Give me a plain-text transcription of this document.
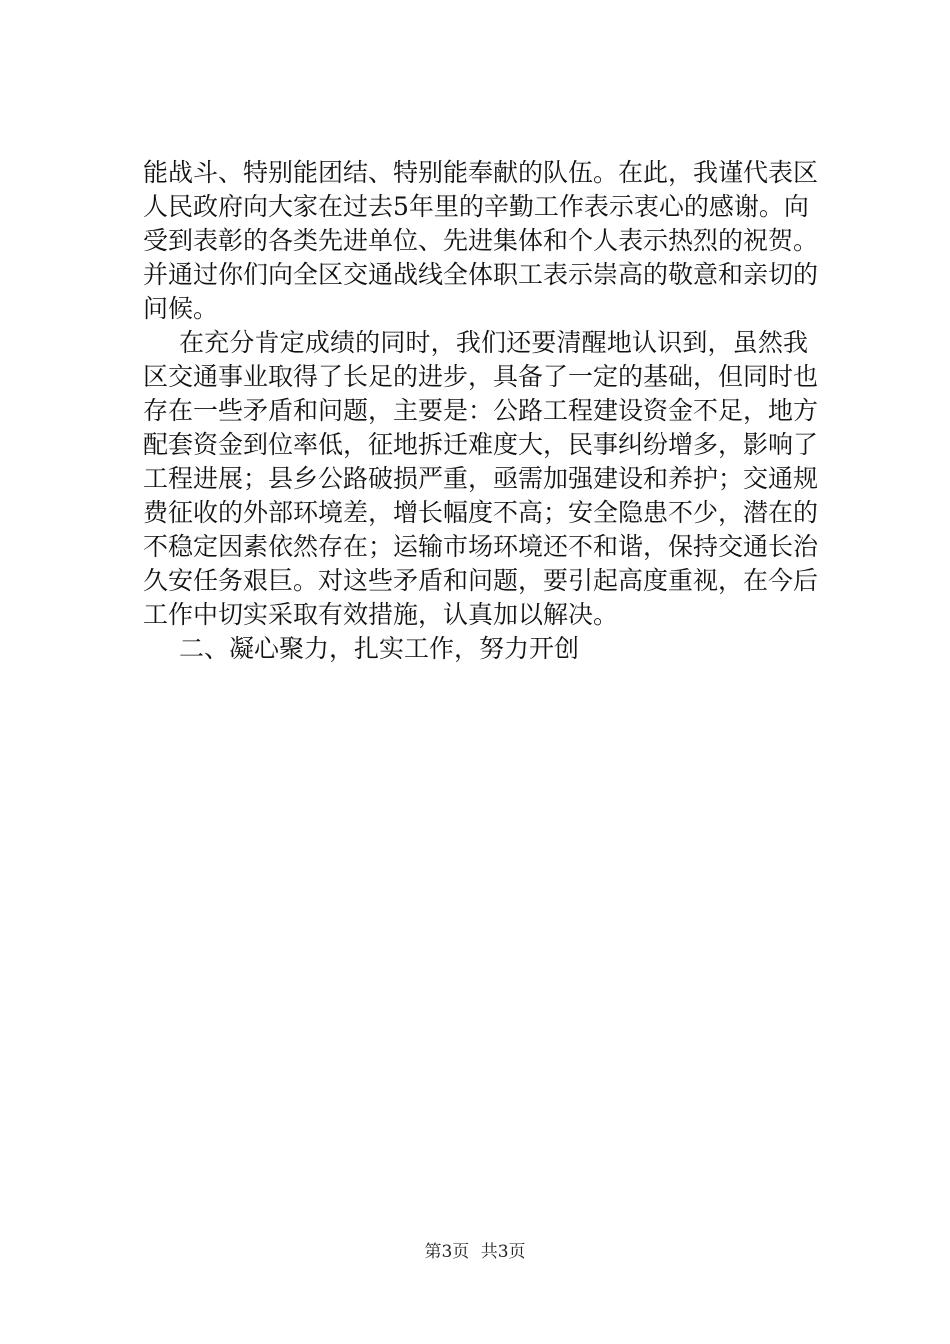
能战斗、特别能团结、特别能奉献的队伍。在此，我谨代表区
人民政府向大家在过去5年里的辛勤工作表示衷心的感谢。向
受到表彰的各类先进单位、先进集体和个人表示热烈的祝贺。
并通过你们向全区交通战线全体职工表示崇高的敬意和亲切的
问候。
在充分肯定成绩的同时，我们还要清醒地认识到，虽然我
区交通事业取得了长足的进步，具备了一定的基础，但同时也
存在一些矛盾和问题，主要是：公路工程建设资金不足，地方
配套资金到位率低，征地拆迁难度大，民事纠纷增多，影响了
工程进展；县乡公路破损严重，亟需加强建设和养护；交通规
费征收的外部环境差，增长幅度不高；安全隐患不少，潜在的
不稳定因素依然存在；运输市场环境还不和谐，保持交通长治
久安任务艰巨。对这些矛盾和问题，要引起高度重视，在今后
工作中切实采取有效措施，认真加以解决。
二、凝心聚力，扎实工作，努力开创
第3页 共3页
